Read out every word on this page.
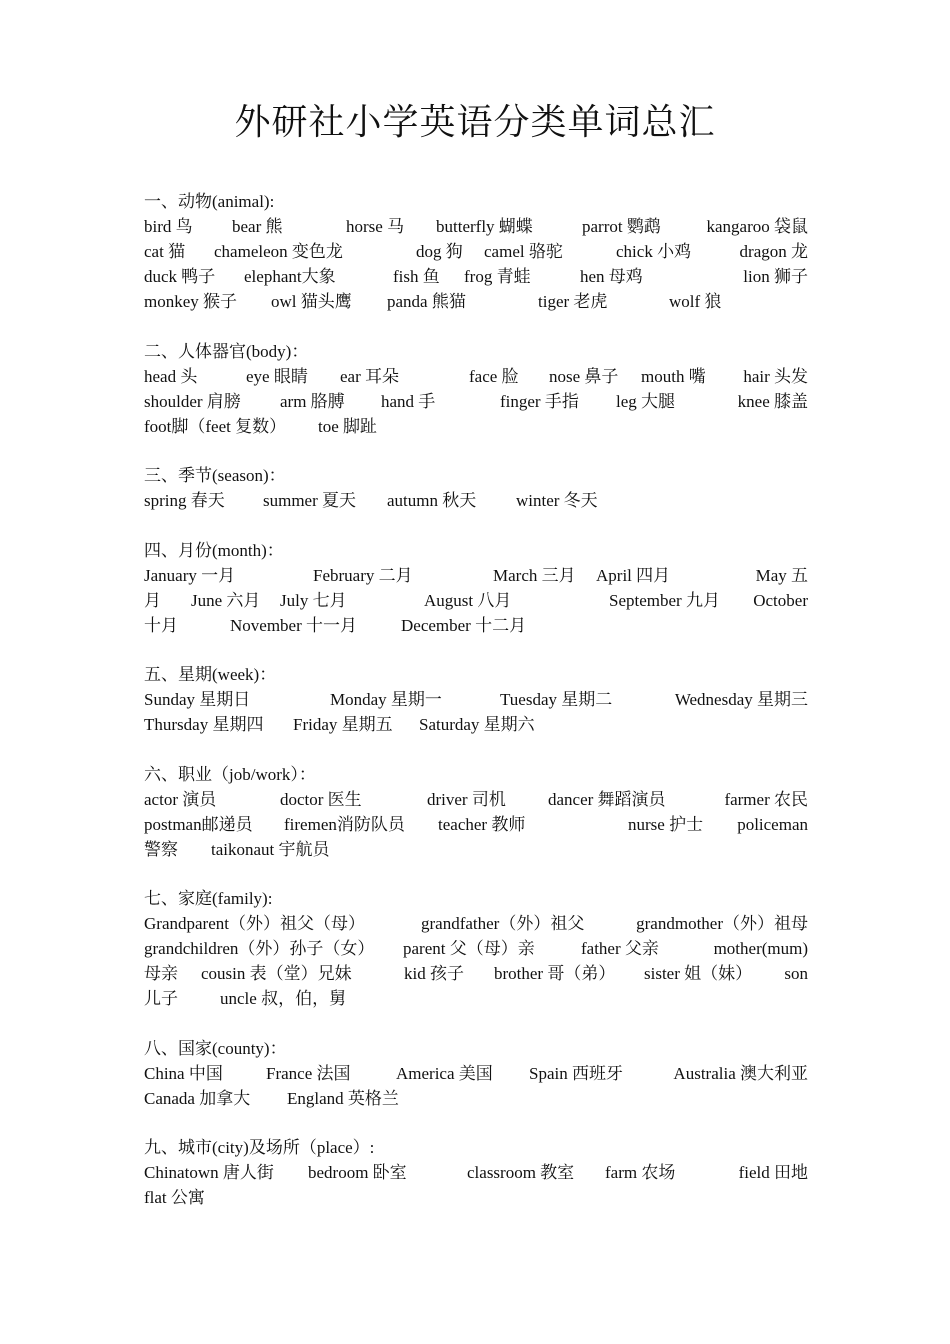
外研社小学英语分类单词总汇
一、动物(animal):
bird 鸟 bear 熊	horse 马 butterfly 蝴蝶	parrot 鹦鹉	kangaroo 袋鼠
cat 猫 chameleon 变色龙	dog 狗 camel 骆驼	chick 小鸡	dragon 龙
duck 鸭子 elephant大象	fish 鱼 frog 青蛙	hen 母鸡	lion 狮子
monkey 猴子 owl 猫头鹰 panda 熊猫	tiger 老虎	wolf 狼
二、人体器官(body)：
head 头	eye 眼睛 ear 耳朵	face 脸 nose 鼻子 mouth 嘴 hair 头发
shoulder 肩膀 arm 胳膊 hand 手	finger 手指 leg 大腿	knee 膝盖
foot脚（feet 复数） toe 脚趾
三、季节(season)：
spring 春天 summer 夏天 autumn 秋天 winter 冬天
四、月份(month)：
January 一月	February 二月	March 三月 April 四月	May 五
月 June 六月 July 七月	August 八月	September 九月 October
十月	November 十一月	December 十二月
五、星期(week)：
Sunday 星期日	Monday 星期一	Tuesday 星期二	Wednesday 星期三
Thursday 星期四 Friday 星期五 Saturday 星期六
六、职业（job/work）：
actor 演员	doctor 医生	driver 司机 dancer 舞蹈演员	farmer 农民
postman邮递员 firemen消防队员 teacher 教师	nurse 护士 policeman
警察 taikonaut 宇航员
七、家庭(family):
Grandparent（外）祖父（母）	grandfather（外）祖父	grandmother（外）祖母
grandchildren（外）孙子（女） parent 父（母）亲	father 父亲	mother(mum)
母亲 cousin 表（堂）兄妹	kid 孩子 brother 哥（弟） sister 姐（妹） son
儿子 uncle 叔，伯，舅
八、国家(county)：
China 中国	France 法国	America 美国 Spain 西班牙	Australia 澳大利亚
Canada 加拿大 England 英格兰
九、城市(city)及场所（place）:
Chinatown 唐人街 bedroom 卧室	classroom 教室 farm 农场	field 田地
flat 公寓
